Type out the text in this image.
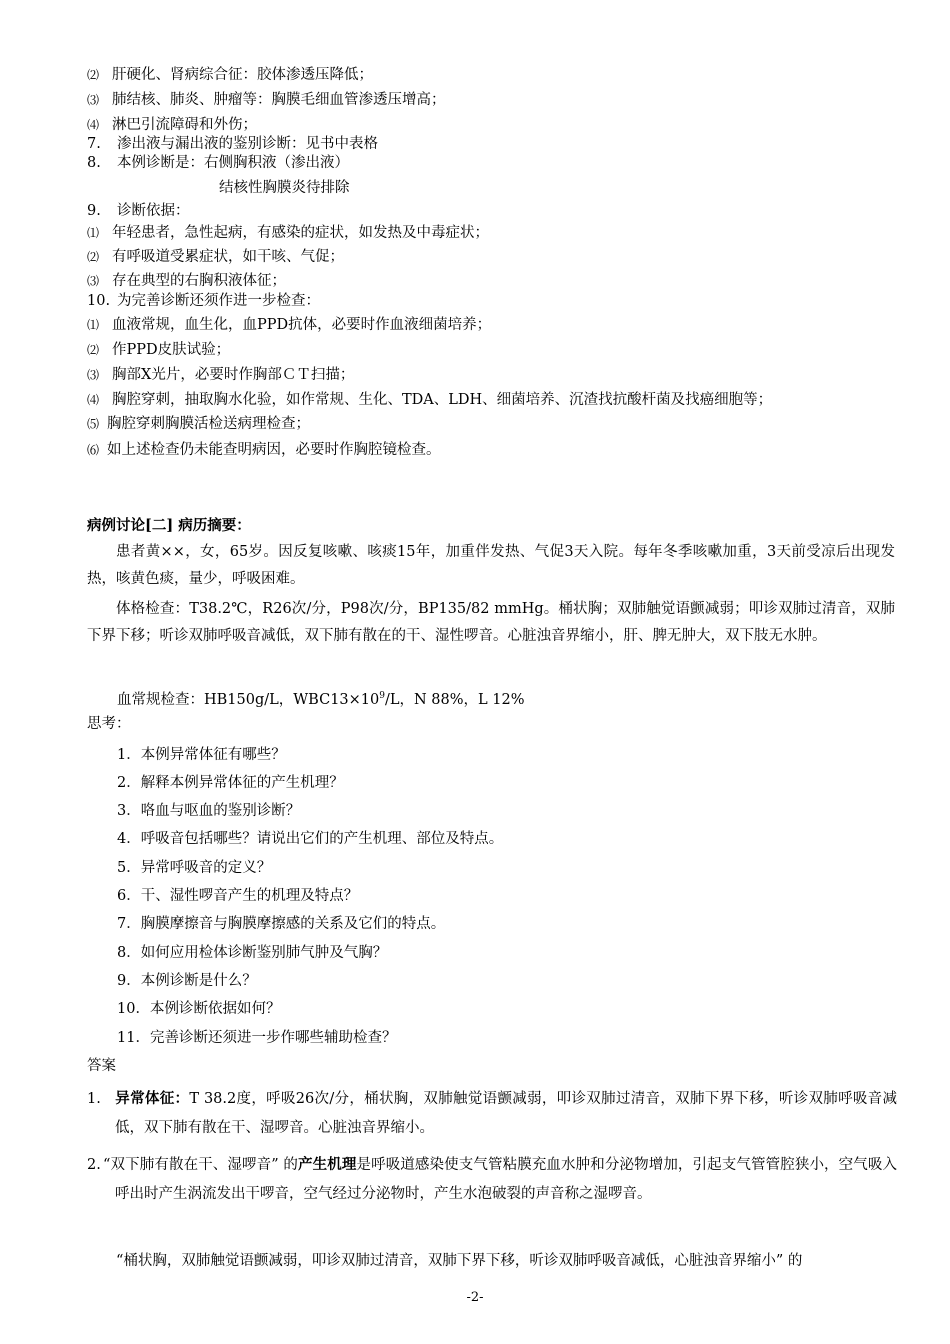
⑵ 肝硬化、肾病综合征：胶体渗透压降低；
⑶ 肺结核、肺炎、肿瘤等：胸膜毛细血管渗透压增高；
⑷ 淋巴引流障碍和外伤；
7. 渗出液与漏出液的鉴别诊断：见书中表格
8. 本例诊断是：右侧胸积液（渗出液）
结核性胸膜炎待排除
9. 诊断依据：
⑴ 年轻患者，急性起病，有感染的症状，如发热及中毒症状；
⑵ 有呼吸道受累症状，如干咳、气促；
⑶ 存在典型的右胸积液体征；
10. 为完善诊断还须作进一步检查：
⑴ 血液常规，血生化，血PPD抗体，必要时作血液细菌培养；
⑵ 作PPD皮肤试验；
⑶ 胸部X光片，必要时作胸部ＣＴ扫描；
⑷ 胸腔穿刺，抽取胸水化验，如作常规、生化、TDA、LDH、细菌培养、沉渣找抗酸杆菌及找癌细胞等；
⑸ 胸腔穿刺胸膜活检送病理检查；
⑹ 如上述检查仍未能查明病因，必要时作胸腔镜检查。
病例讨论[二] 病历摘要：
患者黄××，女，65岁。因反复咳嗽、咳痰15年，加重伴发热、气促3天入院。每年冬季咳嗽加重，3天前受凉后出现发热，咳黄色痰，量少，呼吸困难。
体格检查：T38.2℃，R26次/分，P98次/分，BP135/82 mmHg。桶状胸；双肺触觉语颤减弱；叩诊双肺过清音，双肺下界下移；听诊双肺呼吸音减低，双下肺有散在的干、湿性啰音。心脏浊音界缩小，肝、脾无肿大，双下肢无水肿。
血常规检查：HB150g/L，$WBC13\times 10^9/L$，N 88%，L 12%
思考：
1．本例异常体征有哪些？
2．解释本例异常体征的产生机理？
3．咯血与呕血的鉴别诊断？
4．呼吸音包括哪些？请说出它们的产生机理、部位及特点。
5．异常呼吸音的定义？
6．干、湿性啰音产生的机理及特点？
7．胸膜摩擦音与胸膜摩擦感的关系及它们的特点。
8．如何应用检体诊断鉴别肺气肿及气胸？
9．本例诊断是什么？
10．本例诊断依据如何？
11．完善诊断还须进一步作哪些辅助检查？
答案
1. 异常体征：T 38.2度，呼吸26次/分，桶状胸，双肺触觉语颤减弱，叩诊双肺过清音，双肺下界下移，听诊双肺呼吸音减低，双下肺有散在干、湿啰音。心脏浊音界缩小。
2. “双下肺有散在干、湿啰音” 的产生机理是呼吸道感染使支气管粘膜充血水肿和分泌物增加，引起支气管管腔狭小，空气吸入呼出时产生涡流发出干啰音，空气经过分泌物时，产生水泡破裂的声音称之湿啰音。
“桶状胸，双肺触觉语颤减弱，叩诊双肺过清音，双肺下界下移，听诊双肺呼吸音减低，心脏浊音界缩小” 的
-2-
